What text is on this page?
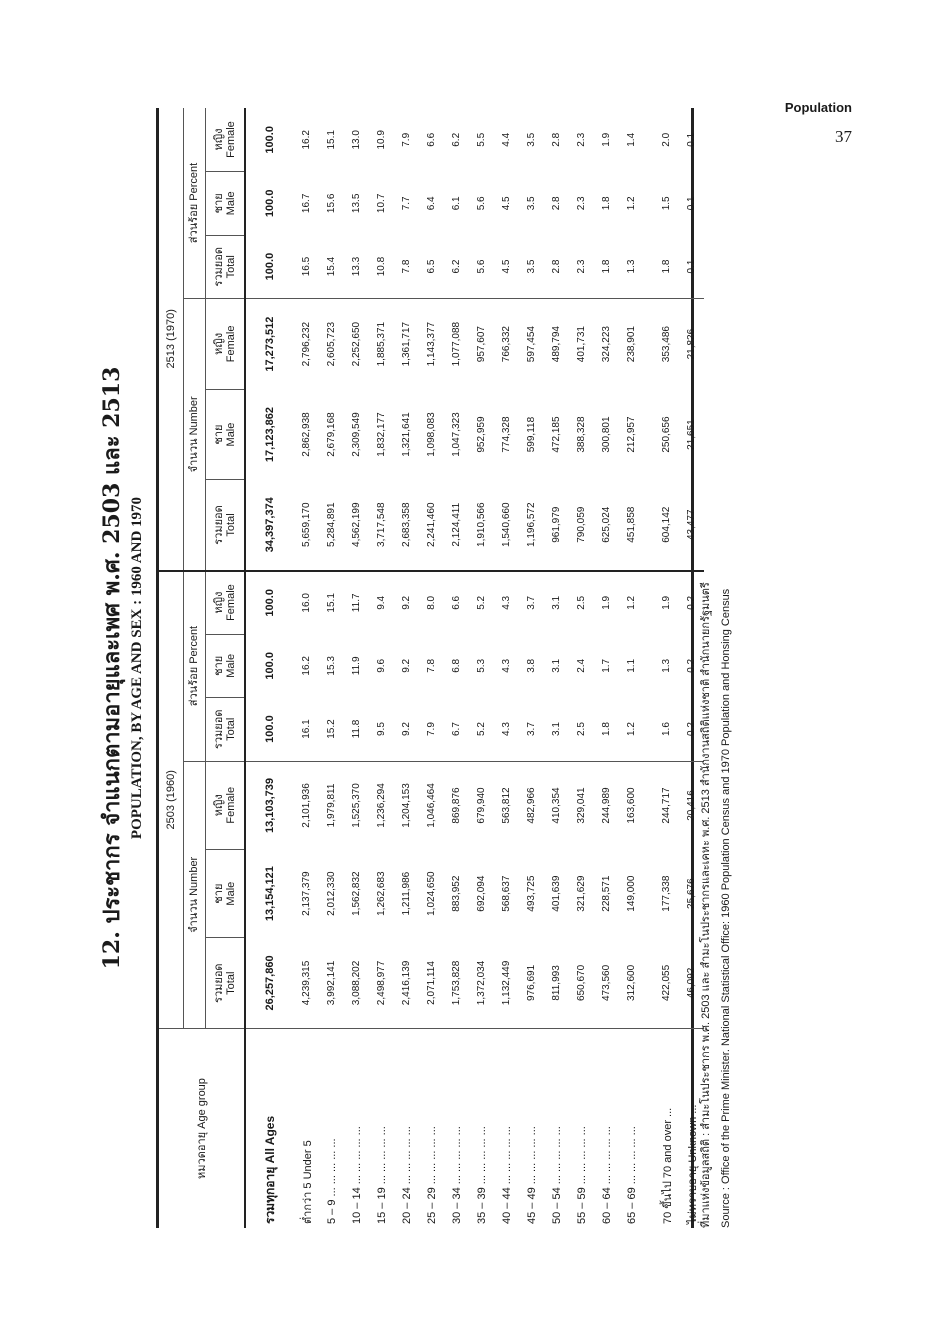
Population
37
12. ประชากร จำแนกตามอายุและเพศ พ.ศ. 2503 และ 2513 POPULATION, BY AGE AND SEX : 1960 AND 1970
หมวดอายุ Age group	2503 (1960)						2513 (1970)					
	จำนวน Number			ส่วนร้อย Percent			จำนวน Number			ส่วนร้อย Percent		

	รวมยอด Total	ชาย Male	หญิง Female	รวมยอด Total	ชาย Male	หญิง Female	รวมยอด Total	ชาย Male	หญิง Female	รวมยอด Total	ชาย Male	หญิง Female

รวมทุกอายุ All Ages	26,257,860	13,154,121	13,103,739	100.0	100.0	100.0	34,397,374	17,123,862	17,273,512	100.0	100.0	100.0
ต่ำกว่า 5 Under 5	4,239,315	2,137,379	2,101,936	16.1	16.2	16.0	5,659,170	2,862,938	2,796,232	16.5	16.7	16.2
5 – 9 ... ... ... ... ...	3,992,141	2,012,330	1,979,811	15.2	15.3	15.1	5,284,891	2,679,168	2,605,723	15.4	15.6	15.1
10 – 14 ... ... ... ... ...	3,088,202	1,562,832	1,525,370	11.8	11.9	11.7	4,562,199	2,309,549	2,252,650	13.3	13.5	13.0
15 – 19 ... ... ... ... ...	2,498,977	1,262,683	1,236,294	9.5	9.6	9.4	3,717,548	1,832,177	1,885,371	10.8	10.7	10.9
20 – 24 ... ... ... ... ...	2,416,139	1,211,986	1,204,153	9.2	9.2	9.2	2,683,358	1,321,641	1,361,717	7.8	7.7	7.9
25 – 29 ... ... ... ... ...	2,071,114	1,024,650	1,046,464	7.9	7.8	8.0	2,241,460	1,098,083	1,143,377	6.5	6.4	6.6
30 – 34 ... ... ... ... ...	1,753,828	883,952	869,876	6.7	6.8	6.6	2,124,411	1,047,323	1,077,088	6.2	6.1	6.2
35 – 39 ... ... ... ... ...	1,372,034	692,094	679,940	5.2	5.3	5.2	1,910,566	952,959	957,607	5.6	5.6	5.5
40 – 44 ... ... ... ... ...	1,132,449	568,637	563,812	4.3	4.3	4.3	1,540,660	774,328	766,332	4.5	4.5	4.4
45 – 49 ... ... ... ... ...	976,691	493,725	482,966	3.7	3.8	3.7	1,196,572	599,118	597,454	3.5	3.5	3.5
50 – 54 ... ... ... ... ...	811,993	401,639	410,354	3.1	3.1	3.1	961,979	472,185	489,794	2.8	2.8	2.8
55 – 59 ... ... ... ... ...	650,670	321,629	329,041	2.5	2.4	2.5	790,059	388,328	401,731	2.3	2.3	2.3
60 – 64 ... ... ... ... ...	473,560	228,571	244,989	1.8	1.7	1.9	625,024	300,801	324,223	1.8	1.8	1.9
65 – 69 ... ... ... ... ...	312,600	149,000	163,600	1.2	1.1	1.2	451,858	212,957	238,901	1.3	1.2	1.4

70 ขึ้นไป 70 and over ...	422,055	177,338	244,717	1.6	1.3	1.9	604,142	250,656	353,486	1.8	1.5	2.0
ไม่ทราบอายุ Unknown ...	46,092	25,676	20,416	0.2	0.2	0.2	43,477	21,651	21,826	0.1	0.1	0.1
ที่มาแห่งข้อมูลสถิติ : สำมะโนประชากร พ.ศ. 2503 และ สำมะโนประชากรและเคหะ พ.ศ. 2513 สำนักงานสถิติแห่งชาติ สำนักนายกรัฐมนตรี Source : Office of the Prime Minister. National Statistical Office: 1960 Population Census and 1970 Population and Honsing Census
